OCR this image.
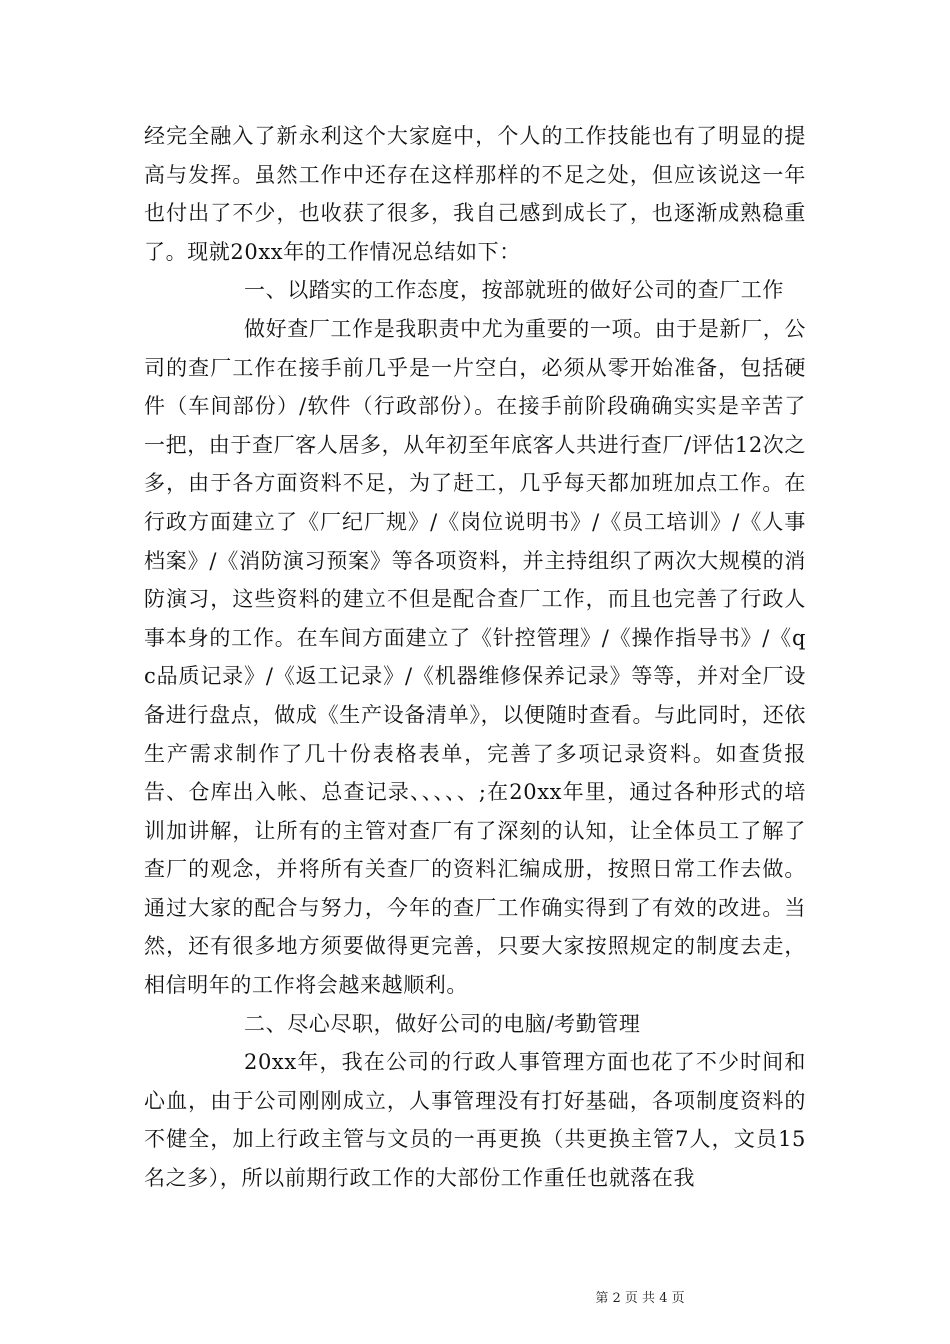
经完全融入了新永利这个大家庭中，个人的工作技能也有了明显的提高与发挥。虽然工作中还存在这样那样的不足之处，但应该说这一年也付出了不少，也收获了很多，我自己感到成长了，也逐渐成熟稳重了。现就20xx年的工作情况总结如下：

一、以踏实的工作态度，按部就班的做好公司的查厂工作

做好查厂工作是我职责中尤为重要的一项。由于是新厂，公司的查厂工作在接手前几乎是一片空白，必须从零开始准备，包括硬件（车间部份）/软件（行政部份）。在接手前阶段确确实实是辛苦了一把，由于查厂客人居多，从年初至年底客人共进行查厂/评估12次之多，由于各方面资料不足，为了赶工，几乎每天都加班加点工作。在行政方面建立了《厂纪厂规》/《岗位说明书》/《员工培训》/《人事档案》/《消防演习预案》等各项资料，并主持组织了两次大规模的消防演习，这些资料的建立不但是配合查厂工作，而且也完善了行政人事本身的工作。在车间方面建立了《针控管理》/《操作指导书》/《qc品质记录》/《返工记录》/《机器维修保养记录》等等，并对全厂设备进行盘点，做成《生产设备清单》，以便随时查看。与此同时，还依生产需求制作了几十份表格表单，完善了多项记录资料。如查货报告、仓库出入帐、总查记录、、、、、;在20xx年里，通过各种形式的培训加讲解，让所有的主管对查厂有了深刻的认知，让全体员工了解了查厂的观念，并将所有关查厂的资料汇编成册，按照日常工作去做。通过大家的配合与努力，今年的查厂工作确实得到了有效的改进。当然，还有很多地方须要做得更完善，只要大家按照规定的制度去走，相信明年的工作将会越来越顺利。

二、尽心尽职，做好公司的电脑/考勤管理

20xx年，我在公司的行政人事管理方面也花了不少时间和心血，由于公司刚刚成立，人事管理没有打好基础，各项制度资料的不健全，加上行政主管与文员的一再更换（共更换主管7人，文员15名之多），所以前期行政工作的大部份工作重任也就落在我

第 2 页 共 4 页
